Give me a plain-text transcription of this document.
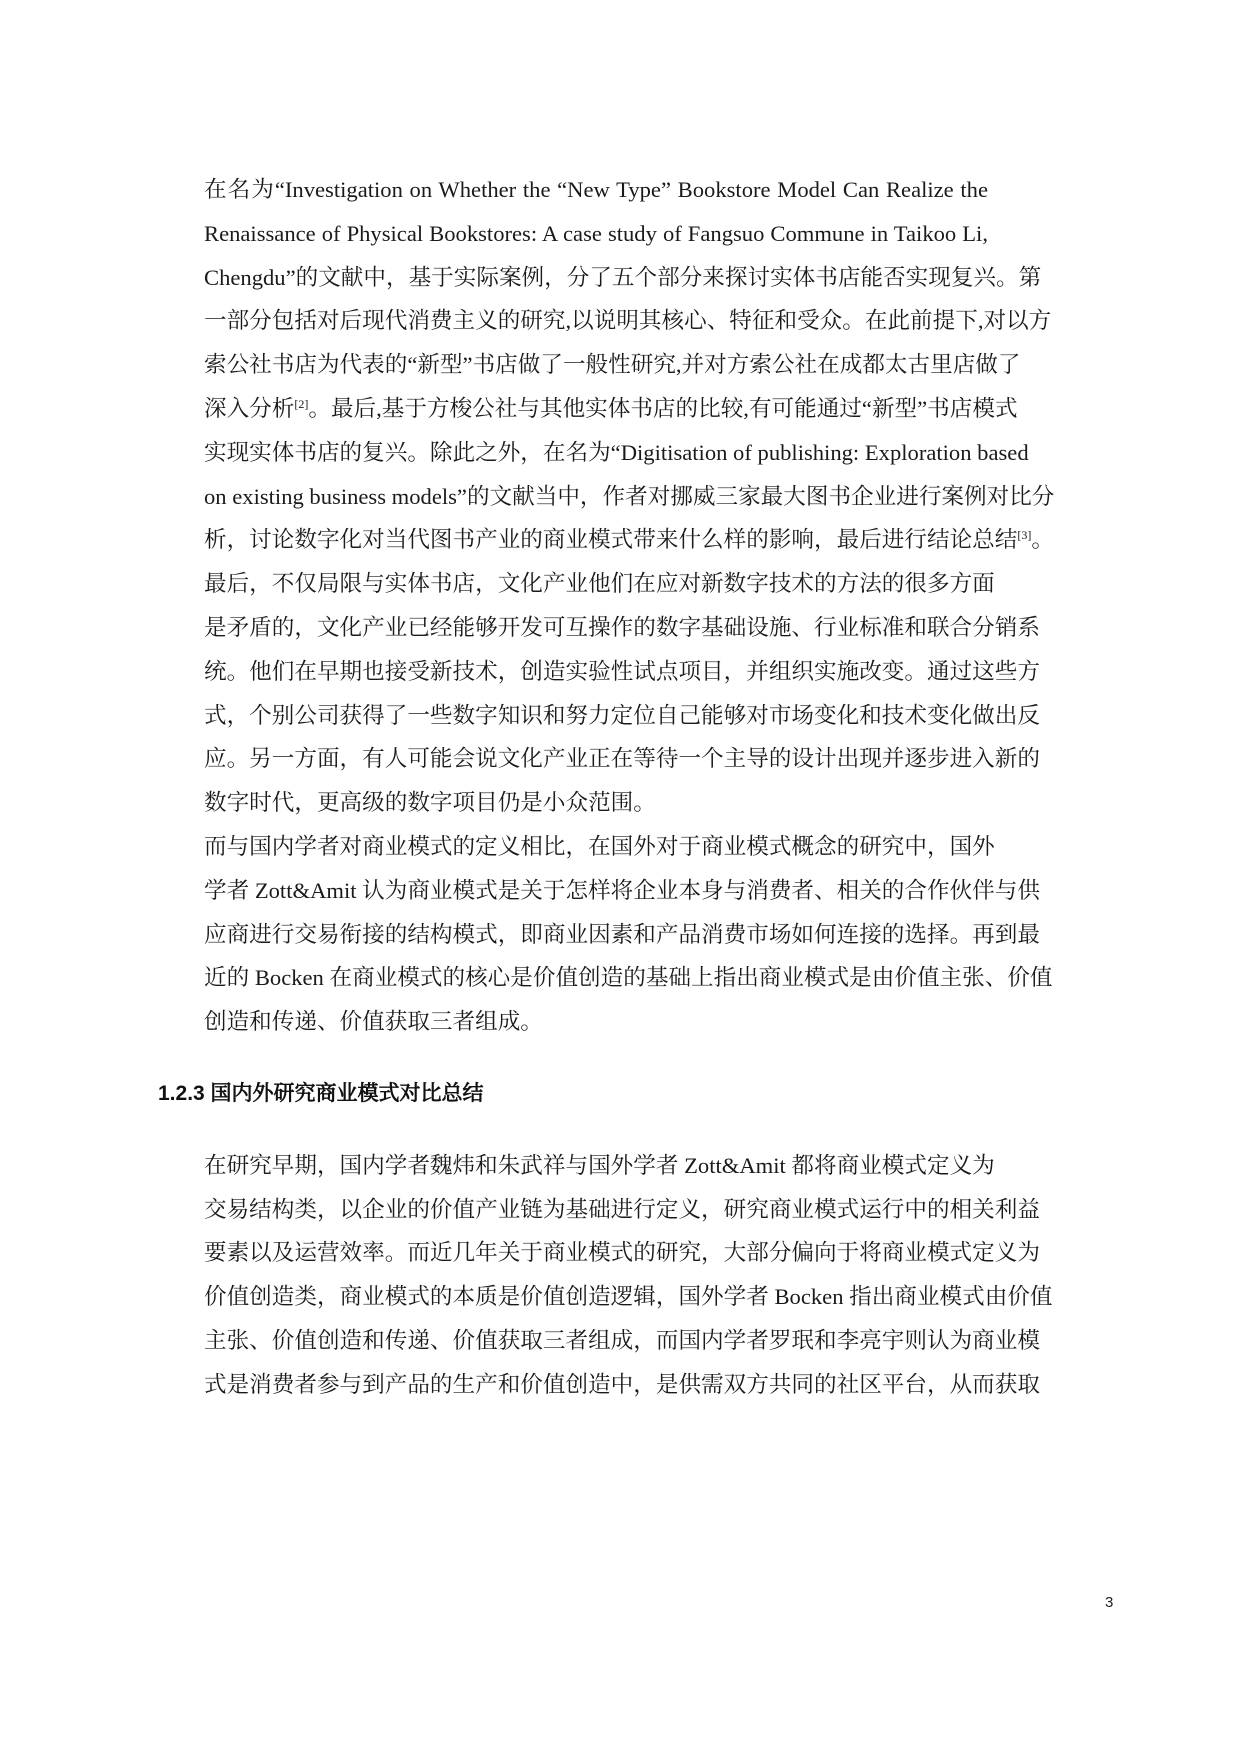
在名为“Investigation on Whether the “New Type” Bookstore Model Can Realize the
Renaissance of Physical Bookstores: A case study of Fangsuo Commune in Taikoo Li,
Chengdu”的文献中，基于实际案例，分了五个部分来探讨实体书店能否实现复兴。第
一部分包括对后现代消费主义的研究,以说明其核心、特征和受众。在此前提下,对以方
索公社书店为代表的“新型”书店做了一般性研究,并对方索公社在成都太古里店做了
深入分析[2]。最后,基于方梭公社与其他实体书店的比较,有可能通过“新型”书店模式
实现实体书店的复兴。除此之外，在名为“Digitisation of publishing: Exploration based
on existing business models”的文献当中，作者对挪威三家最大图书企业进行案例对比分
析，讨论数字化对当代图书产业的商业模式带来什么样的影响，最后进行结论总结[3]。
最后，不仅局限与实体书店，文化产业他们在应对新数字技术的方法的很多方面
是矛盾的，文化产业已经能够开发可互操作的数字基础设施、行业标准和联合分销系
统。他们在早期也接受新技术，创造实验性试点项目，并组织实施改变。通过这些方
式，个别公司获得了一些数字知识和努力定位自己能够对市场变化和技术变化做出反
应。另一方面，有人可能会说文化产业正在等待一个主导的设计出现并逐步进入新的
数字时代，更高级的数字项目仍是小众范围。
而与国内学者对商业模式的定义相比，在国外对于商业模式概念的研究中，国外
学者 Zott&Amit 认为商业模式是关于怎样将企业本身与消费者、相关的合作伙伴与供
应商进行交易衔接的结构模式，即商业因素和产品消费市场如何连接的选择。再到最
近的 Bocken 在商业模式的核心是价值创造的基础上指出商业模式是由价值主张、价值
创造和传递、价值获取三者组成。
1.2.3 国内外研究商业模式对比总结
在研究早期，国内学者魏炜和朱武祥与国外学者 Zott&Amit 都将商业模式定义为
交易结构类，以企业的价值产业链为基础进行定义，研究商业模式运行中的相关利益
要素以及运营效率。而近几年关于商业模式的研究，大部分偏向于将商业模式定义为
价值创造类，商业模式的本质是价值创造逻辑，国外学者 Bocken 指出商业模式由价值
主张、价值创造和传递、价值获取三者组成，而国内学者罗珉和李亮宇则认为商业模
式是消费者参与到产品的生产和价值创造中，是供需双方共同的社区平台，从而获取
3
